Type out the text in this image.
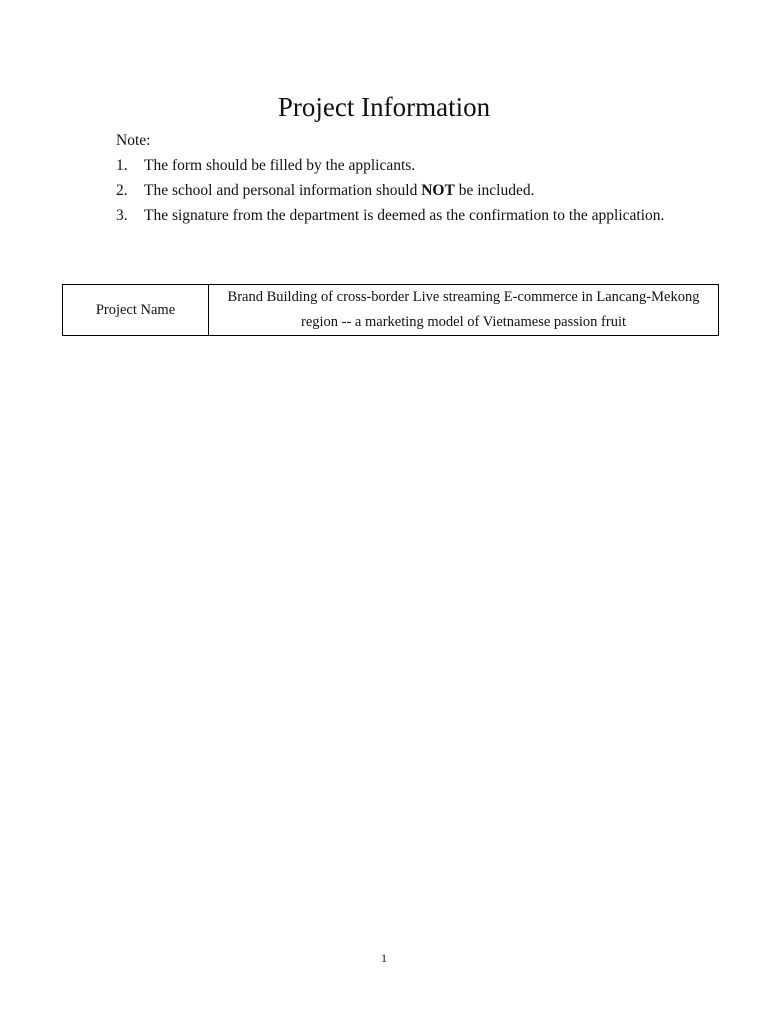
Project Information
Note:
1. The form should be filled by the applicants.
2. The school and personal information should NOT be included.
3. The signature from the department is deemed as the confirmation to the application.
Project Name	Brand Building of cross-border Live streaming E-commerce in Lancang-Mekong region -- a marketing model of Vietnamese passion fruit
1
